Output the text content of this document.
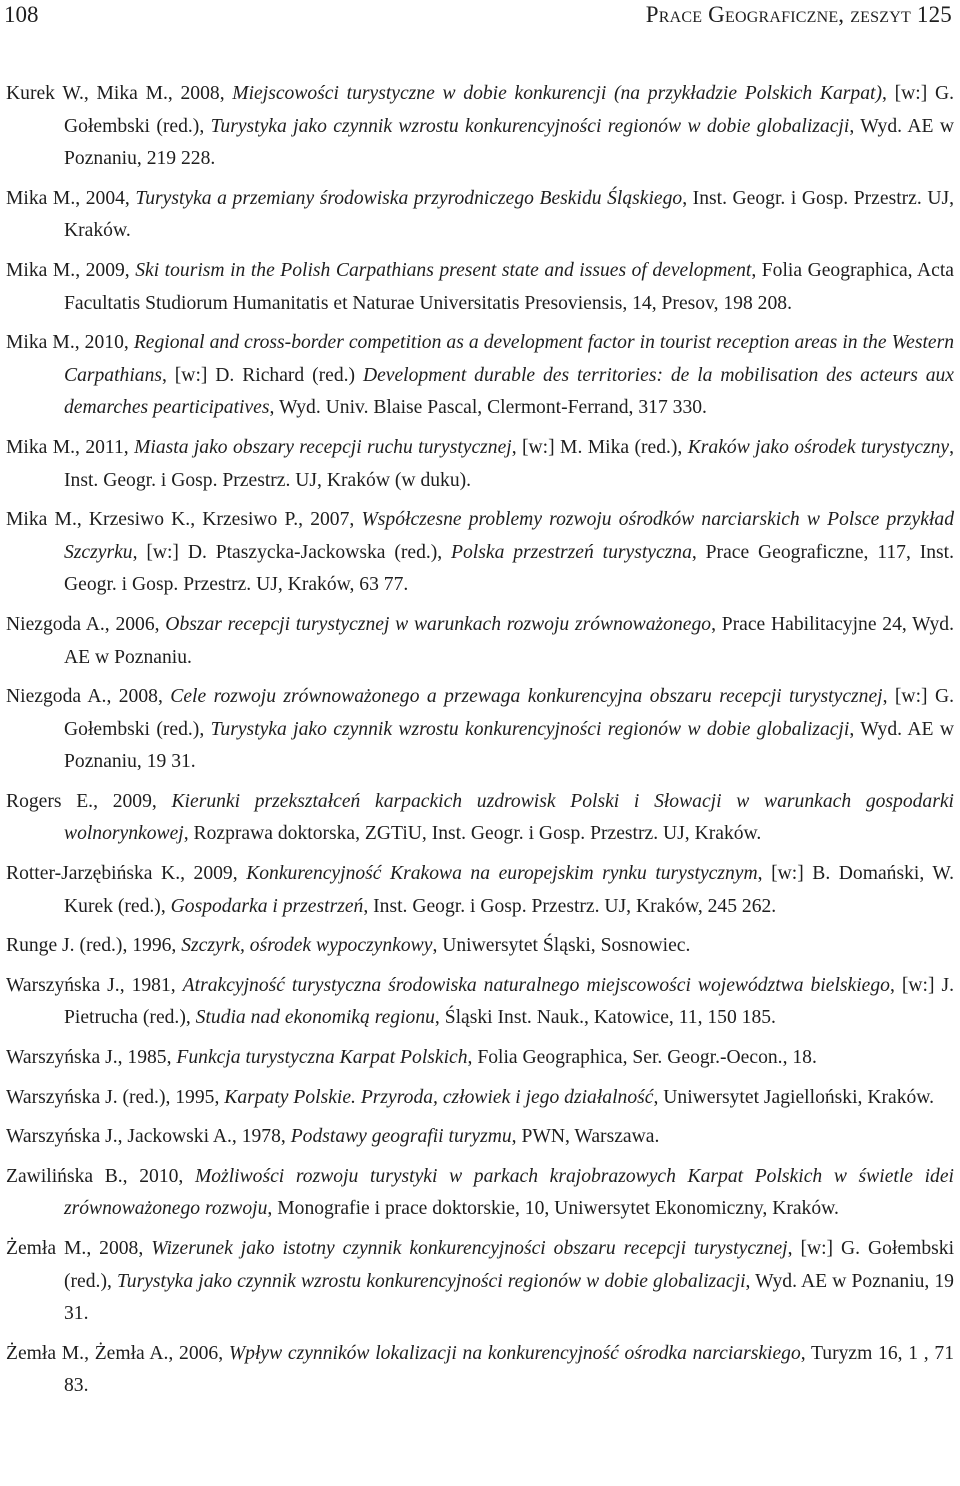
108	Prace Geograficzne, zeszyt 125

Kurek W., Mika M., 2008, Miejscowości turystyczne w dobie konkurencji (na przykładzie Polskich Karpat), [w:] G. Gołembski (red.), Turystyka jako czynnik wzrostu konkurencyjności regionów w dobie globalizacji, Wyd. AE w Poznaniu, 219 228.

Mika M., 2004, Turystyka a przemiany środowiska przyrodniczego Beskidu Śląskiego, Inst. Geogr. i Gosp. Przestrz. UJ, Kraków.

Mika M., 2009, Ski tourism in the Polish Carpathians present state and issues of development, Folia Geographica, Acta Facultatis Studiorum Humanitatis et Naturae Universitatis Presoviensis, 14, Presov, 198 208.

Mika M., 2010, Regional and cross-border competition as a development factor in tourist reception areas in the Western Carpathians, [w:] D. Richard (red.) Development durable des territories: de la mobilisation des acteurs aux demarches pearticipatives, Wyd. Univ. Blaise Pascal, Clermont-Ferrand, 317 330.

Mika M., 2011, Miasta jako obszary recepcji ruchu turystycznej, [w:] M. Mika (red.), Kraków jako ośrodek turystyczny, Inst. Geogr. i Gosp. Przestrz. UJ, Kraków (w duku).

Mika M., Krzesiwo K., Krzesiwo P., 2007, Współczesne problemy rozwoju ośrodków narciarskich w Polsce przykład Szczyrku, [w:] D. Ptaszycka-Jackowska (red.), Polska przestrzeń turystyczna, Prace Geograficzne, 117, Inst. Geogr. i Gosp. Przestrz. UJ, Kraków, 63 77.

Niezgoda A., 2006, Obszar recepcji turystycznej w warunkach rozwoju zrównoważonego, Prace Habilitacyjne 24, Wyd. AE w Poznaniu.

Niezgoda A., 2008, Cele rozwoju zrównoważonego a przewaga konkurencyjna obszaru recepcji turystycznej, [w:] G. Gołembski (red.), Turystyka jako czynnik wzrostu konkurencyjności regionów w dobie globalizacji, Wyd. AE w Poznaniu, 19 31.

Rogers E., 2009, Kierunki przekształceń karpackich uzdrowisk Polski i Słowacji w warunkach gospodarki wolnorynkowej, Rozprawa doktorska, ZGTiU, Inst. Geogr. i Gosp. Przestrz. UJ, Kraków.

Rotter-Jarzębińska K., 2009, Konkurencyjność Krakowa na europejskim rynku turystycznym, [w:] B. Domański, W. Kurek (red.), Gospodarka i przestrzeń, Inst. Geogr. i Gosp. Przestrz. UJ, Kraków, 245 262.

Runge J. (red.), 1996, Szczyrk, ośrodek wypoczynkowy, Uniwersytet Śląski, Sosnowiec.

Warszyńska J., 1981, Atrakcyjność turystyczna środowiska naturalnego miejscowości województwa bielskiego, [w:] J. Pietrucha (red.), Studia nad ekonomiką regionu, Śląski Inst. Nauk., Katowice, 11, 150 185.

Warszyńska J., 1985, Funkcja turystyczna Karpat Polskich, Folia Geographica, Ser. Geogr.-Oecon., 18.

Warszyńska J. (red.), 1995, Karpaty Polskie. Przyroda, człowiek i jego działalność, Uniwersytet Jagielloński, Kraków.

Warszyńska J., Jackowski A., 1978, Podstawy geografii turyzmu, PWN, Warszawa.

Zawilińska B., 2010, Możliwości rozwoju turystyki w parkach krajobrazowych Karpat Polskich w świetle idei zrównoważonego rozwoju, Monografie i prace doktorskie, 10, Uniwersytet Ekonomiczny, Kraków.

Żemła M., 2008, Wizerunek jako istotny czynnik konkurencyjności obszaru recepcji turystycznej, [w:] G. Gołembski (red.), Turystyka jako czynnik wzrostu konkurencyjności regionów w dobie globalizacji, Wyd. AE w Poznaniu, 19 31.

Żemła M., Żemła A., 2006, Wpływ czynników lokalizacji na konkurencyjność ośrodka narciarskiego, Turyzm 16, 1 , 71 83.
